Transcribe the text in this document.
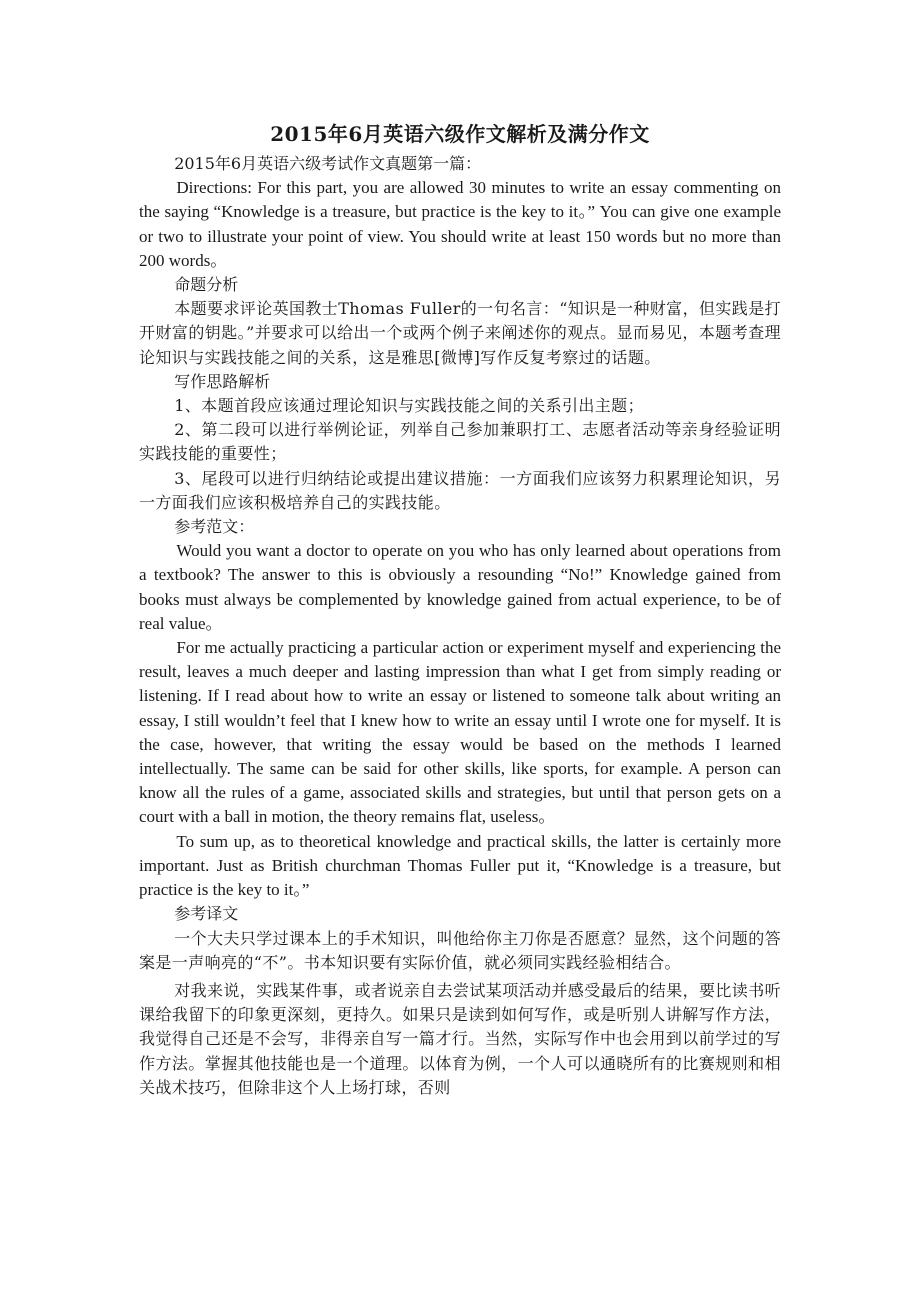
2015年6月英语六级作文解析及满分作文

2015年6月英语六级考试作文真题第一篇：

Directions: For this part, you are allowed 30 minutes to write an essay commenting on the saying “Knowledge is a treasure, but practice is the key to it。” You can give one example or two to illustrate your point of view. You should write at least 150 words but no more than 200 words。

命题分析

本题要求评论英国教士Thomas Fuller的一句名言：“知识是一种财富，但实践是打开财富的钥匙。”并要求可以给出一个或两个例子来阐述你的观点。显而易见，本题考查理论知识与实践技能之间的关系，这是雅思[微博]写作反复考察过的话题。

写作思路解析

1、本题首段应该通过理论知识与实践技能之间的关系引出主题；

2、第二段可以进行举例论证，列举自己参加兼职打工、志愿者活动等亲身经验证明实践技能的重要性；

3、尾段可以进行归纳结论或提出建议措施：一方面我们应该努力积累理论知识，另一方面我们应该积极培养自己的实践技能。

参考范文：

Would you want a doctor to operate on you who has only learned about operations from a textbook? The answer to this is obviously a resounding “No!” Knowledge gained from books must always be complemented by knowledge gained from actual experience, to be of real value。

For me actually practicing a particular action or experiment myself and experiencing the result, leaves a much deeper and lasting impression than what I get from simply reading or listening. If I read about how to write an essay or listened to someone talk about writing an essay, I still wouldn’t feel that I knew how to write an essay until I wrote one for myself. It is the case, however, that writing the essay would be based on the methods I learned intellectually. The same can be said for other skills, like sports, for example. A person can know all the rules of a game, associated skills and strategies, but until that person gets on a court with a ball in motion, the theory remains flat, useless。

To sum up, as to theoretical knowledge and practical skills, the latter is certainly more important. Just as British churchman Thomas Fuller put it, “Knowledge is a treasure, but practice is the key to it。”

参考译文

一个大夫只学过课本上的手术知识，叫他给你主刀你是否愿意？显然，这个问题的答案是一声响亮的“不”。书本知识要有实际价值，就必须同实践经验相结合。

对我来说，实践某件事，或者说亲自去尝试某项活动并感受最后的结果，要比读书听课给我留下的印象更深刻，更持久。如果只是读到如何写作，或是听别人讲解写作方法，我觉得自己还是不会写，非得亲自写一篇才行。当然，实际写作中也会用到以前学过的写作方法。掌握其他技能也是一个道理。以体育为例，一个人可以通晓所有的比赛规则和相关战术技巧，但除非这个人上场打球，否则
